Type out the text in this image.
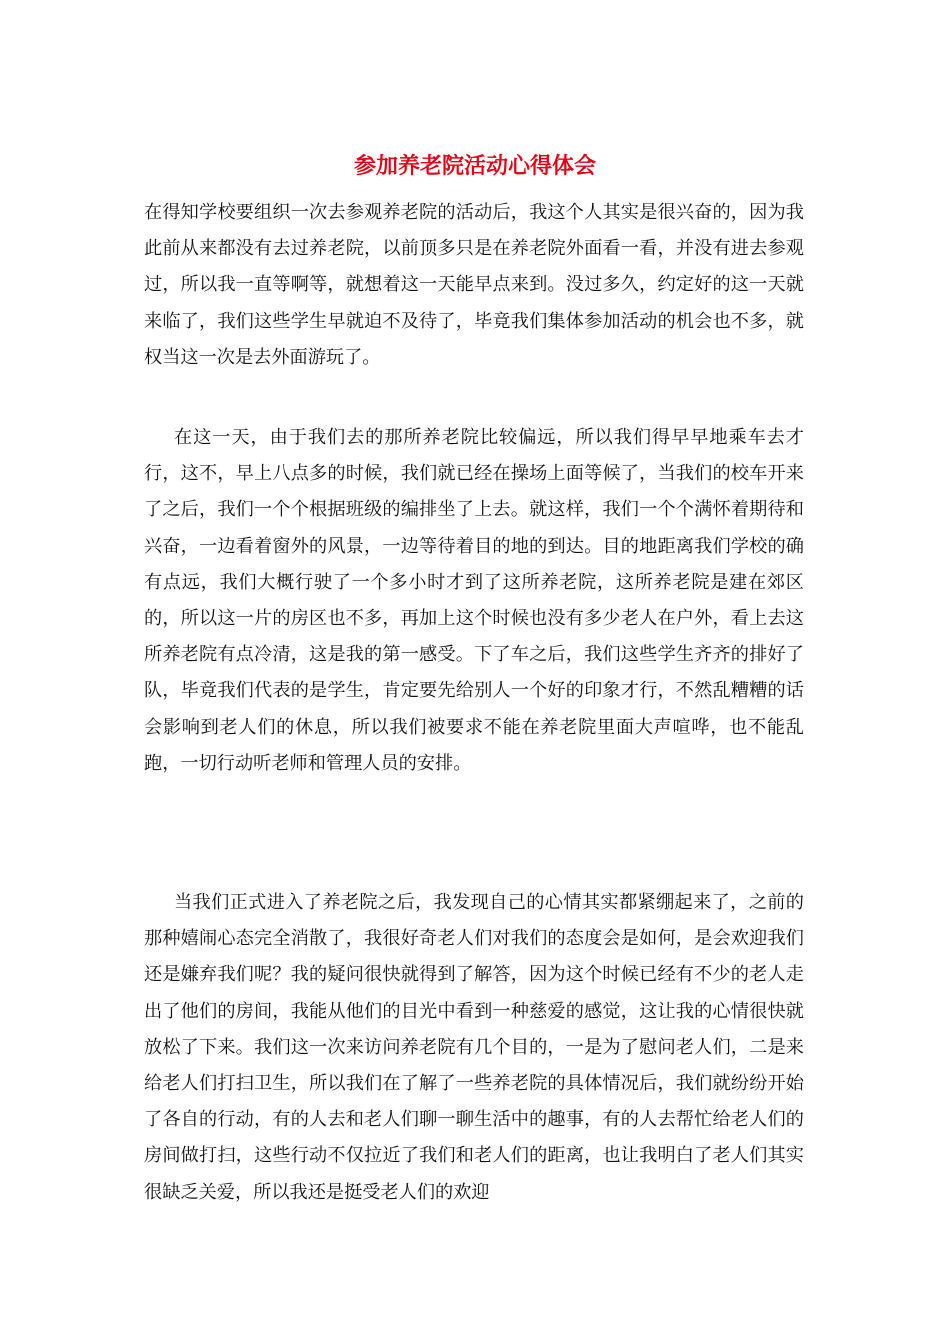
参加养老院活动心得体会

在得知学校要组织一次去参观养老院的活动后，我这个人其实是很兴奋的，因为我此前从来都没有去过养老院，以前顶多只是在养老院外面看一看，并没有进去参观过，所以我一直等啊等，就想着这一天能早点来到。没过多久，约定好的这一天就来临了，我们这些学生早就迫不及待了，毕竟我们集体参加活动的机会也不多，就权当这一次是去外面游玩了。

在这一天，由于我们去的那所养老院比较偏远，所以我们得早早地乘车去才行，这不，早上八点多的时候，我们就已经在操场上面等候了，当我们的校车开来了之后，我们一个个根据班级的编排坐了上去。就这样，我们一个个满怀着期待和兴奋，一边看着窗外的风景，一边等待着目的地的到达。目的地距离我们学校的确有点远，我们大概行驶了一个多小时才到了这所养老院，这所养老院是建在郊区的，所以这一片的房区也不多，再加上这个时候也没有多少老人在户外，看上去这所养老院有点冷清，这是我的第一感受。下了车之后，我们这些学生齐齐的排好了队，毕竟我们代表的是学生，肯定要先给别人一个好的印象才行，不然乱糟糟的话会影响到老人们的休息，所以我们被要求不能在养老院里面大声喧哗，也不能乱跑，一切行动听老师和管理人员的安排。

当我们正式进入了养老院之后，我发现自己的心情其实都紧绷起来了，之前的那种嬉闹心态完全消散了，我很好奇老人们对我们的态度会是如何，是会欢迎我们还是嫌弃我们呢？我的疑问很快就得到了解答，因为这个时候已经有不少的老人走出了他们的房间，我能从他们的目光中看到一种慈爱的感觉，这让我的心情很快就放松了下来。我们这一次来访问养老院有几个目的，一是为了慰问老人们，二是来给老人们打扫卫生，所以我们在了解了一些养老院的具体情况后，我们就纷纷开始了各自的行动，有的人去和老人们聊一聊生活中的趣事，有的人去帮忙给老人们的房间做打扫，这些行动不仅拉近了我们和老人们的距离，也让我明白了老人们其实很缺乏关爱，所以我还是挺受老人们的欢迎
